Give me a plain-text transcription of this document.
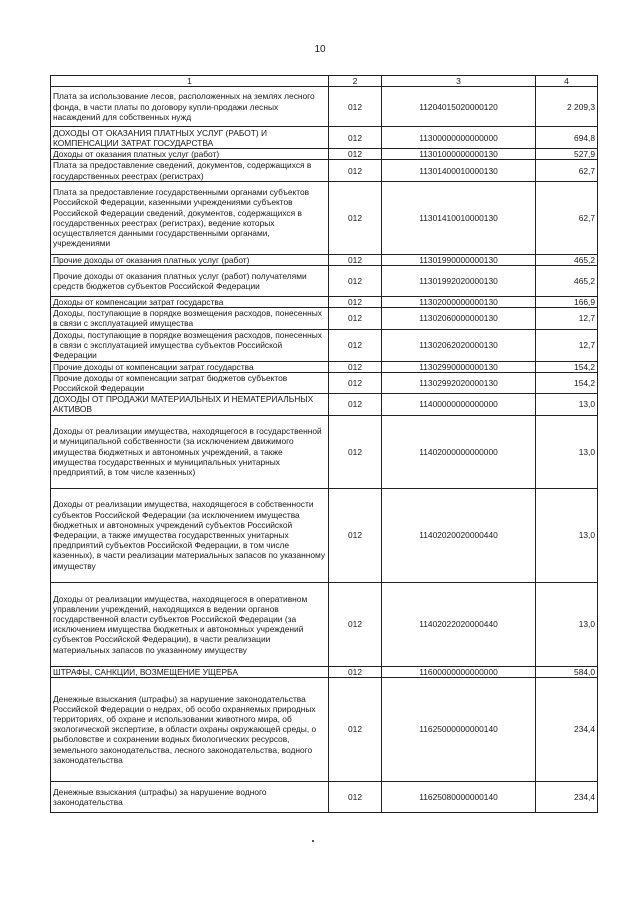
10
1	2	3	4
Плата за использование лесов, расположенных на землях лесного фонда, в части платы по договору купли-продажи лесных насаждений для собственных нужд	012	11204015020000120	2 209,3
ДОХОДЫ ОТ ОКАЗАНИЯ ПЛАТНЫХ УСЛУГ (РАБОТ) И КОМПЕНСАЦИИ ЗАТРАТ ГОСУДАРСТВА	012	11300000000000000	694,8
Доходы от оказания платных услуг (работ)	012	11301000000000130	527,9
Плата за предоставление сведений, документов, содержащихся в государственных реестрах (регистрах)	012	11301400010000130	62,7
Плата за предоставление государственными органами субъектов Российской Федерации, казенными учреждениями субъектов Российской Федерации сведений, документов, содержащихся в государственных реестрах (регистрах), ведение которых осуществляется данными государственными органами, учреждениями	012	11301410010000130	62,7
Прочие доходы от оказания платных услуг (работ)	012	11301990000000130	465,2
Прочие доходы от оказания платных услуг (работ) получателями средств бюджетов субъектов Российской Федерации	012	11301992020000130	465,2
Доходы от компенсации затрат государства	012	11302000000000130	166,9
Доходы, поступающие в порядке возмещения расходов, понесенных в связи с эксплуатацией имущества	012	11302060000000130	12,7
Доходы, поступающие в порядке возмещения расходов, понесенных в связи с эксплуатацией имущества субъектов Российской Федерации	012	11302062020000130	12,7
Прочие доходы от компенсации затрат государства	012	11302990000000130	154,2
Прочие доходы от компенсации затрат бюджетов субъектов Российской Федерации	012	11302992020000130	154,2
ДОХОДЫ ОТ ПРОДАЖИ МАТЕРИАЛЬНЫХ И НЕМАТЕРИАЛЬНЫХ АКТИВОВ	012	11400000000000000	13,0
Доходы от реализации имущества, находящегося в государственной и муниципальной собственности (за исключением движимого имущества бюджетных и автономных учреждений, а также имущества государственных и муниципальных унитарных предприятий, в том числе казенных)	012	11402000000000000	13,0
Доходы от реализации имущества, находящегося в собственности субъектов Российской Федерации (за исключением имущества бюджетных и автономных учреждений субъектов Российской Федерации, а также имущества государственных унитарных предприятий субъектов Российской Федерации, в том числе казенных), в части реализации материальных запасов по указанному имуществу	012	11402020020000440	13,0
Доходы от реализации имущества, находящегося в оперативном управлении учреждений, находящихся в ведении органов государственной власти субъектов Российской Федерации (за исключением имущества бюджетных и автономных учреждений субъектов Российской Федерации), в части реализации материальных запасов по указанному имуществу	012	11402022020000440	13,0
ШТРАФЫ, САНКЦИИ, ВОЗМЕЩЕНИЕ УЩЕРБА	012	11600000000000000	584,0
Денежные взыскания (штрафы) за нарушение законодательства Российской Федерации о недрах, об особо охраняемых природных территориях, об охране и использовании животного мира, об экологической экспертизе, в области охраны окружающей среды, о рыболовстве и сохранении водных биологических ресурсов, земельного законодательства, лесного законодательства, водного законодательства	012	11625000000000140	234,4
Денежные взыскания (штрафы) за нарушение водного законодательства	012	11625080000000140	234,4
